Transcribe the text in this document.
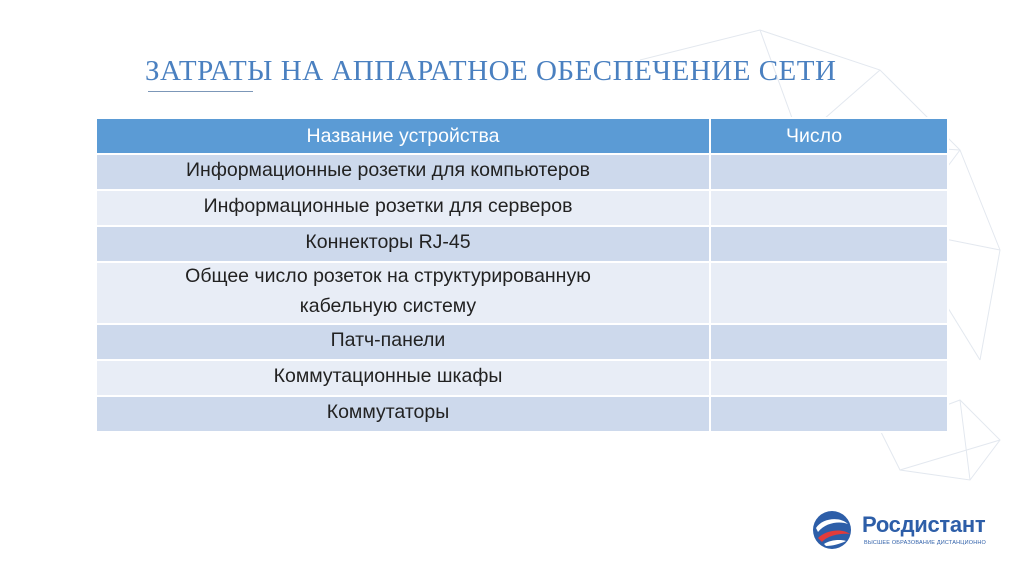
ЗАТРАТЫ НА АППАРАТНОЕ ОБЕСПЕЧЕНИЕ СЕТИ
Название устройства	Число
Информационные розетки для компьютеров	
Информационные розетки для серверов	
Коннекторы RJ-45	
Общее число розеток на структурированную кабельную систему	
Патч-панели	
Коммутационные шкафы	
Коммутаторы	
Росдистант
ВЫСШЕЕ ОБРАЗОВАНИЕ ДИСТАНЦИОННО
